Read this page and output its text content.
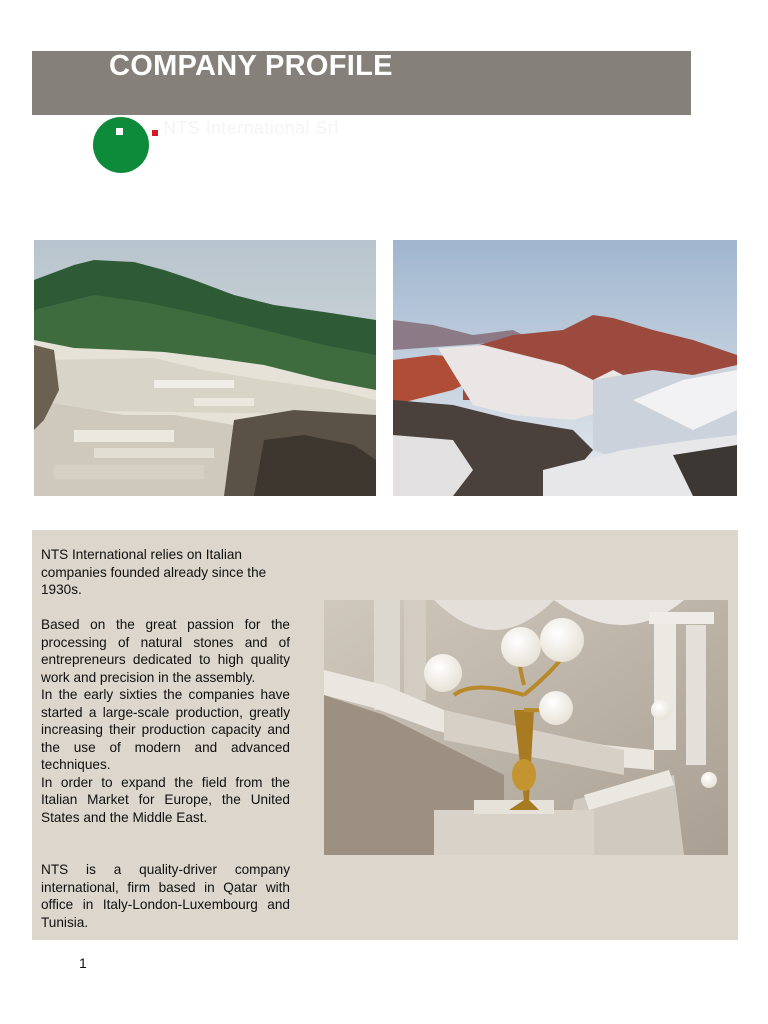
COMPANY PROFILE
NTS International Srl
NTS International relies on Italian companies founded already since the 1930s.
Based on the great passion for the processing of natural stones and of entrepreneurs dedicated to high quality work and precision in the assembly.
In the early sixties the companies have started a large-scale production, greatly increasing their production capacity and the use of modern and advanced techniques.
In order to expand the field from the Italian Market for Europe, the United States and the Middle East.
NTS is a quality-driver company international, firm based in Qatar with office in Italy-London-Luxembourg and Tunisia.
1
